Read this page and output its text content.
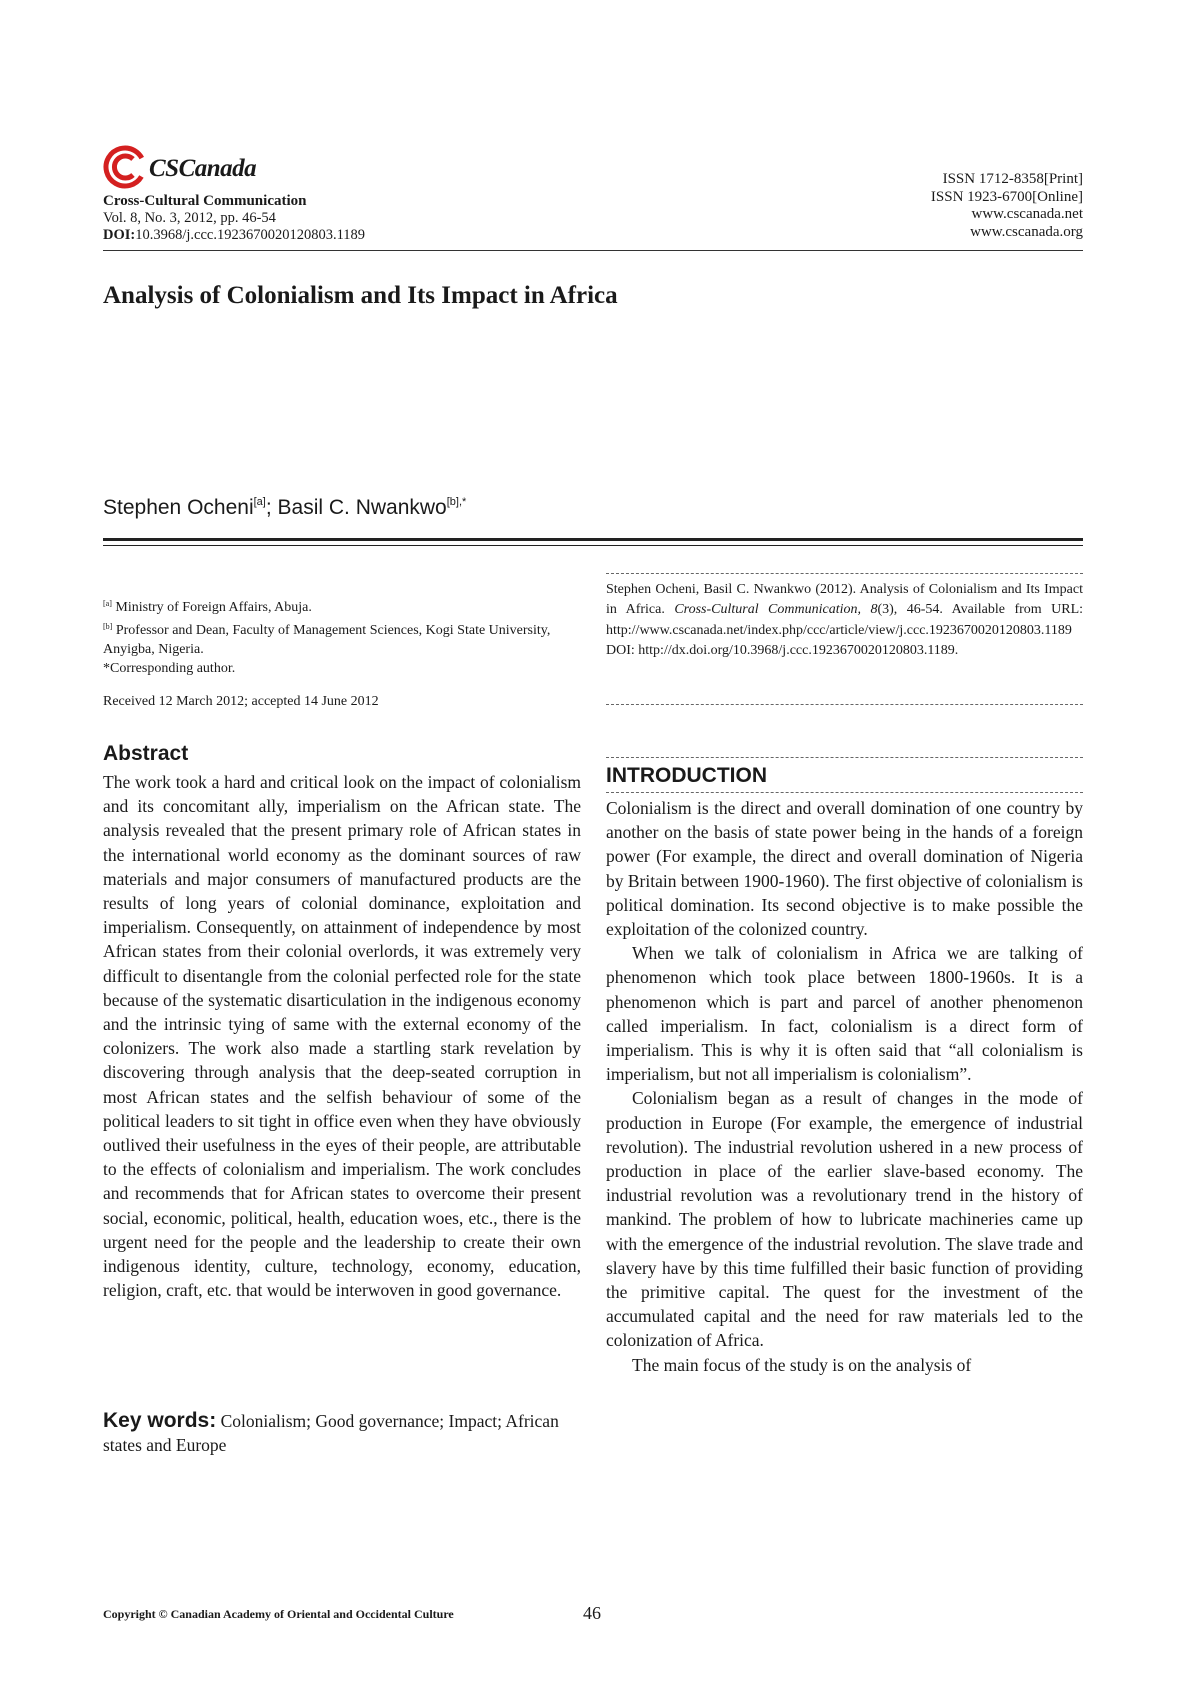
CSCanada
Cross-Cultural Communication
Vol. 8, No. 3, 2012, pp. 46-54
DOI:10.3968/j.ccc.1923670020120803.1189
ISSN 1712-8358[Print]
ISSN 1923-6700[Online]
www.cscanada.net
www.cscanada.org
Analysis of Colonialism and Its Impact in Africa
Stephen Ocheni[a]; Basil C. Nwankwo$^{[b],*}$

[a] Ministry of Foreign Affairs, Abuja.

[b] Professor and Dean, Faculty of Management Sciences, Kogi State University, Anyigba, Nigeria.

*Corresponding author.

Received 12 March 2012; accepted 14 June 2012
Stephen Ocheni, Basil C. Nwankwo (2012). Analysis of Colonialism and Its Impact in Africa. Cross-Cultural Communication, 8(3), 46-54. Available from URL: http://www.cscanada.net/index.php/ccc/article/view/j.ccc.1923670020120803.1189
DOI: http://dx.doi.org/10.3968/j.ccc.1923670020120803.1189.
Abstract
The work took a hard and critical look on the impact of colonialism and its concomitant ally, imperialism on the African state. The analysis revealed that the present primary role of African states in the international world economy as the dominant sources of raw materials and major consumers of manufactured products are the results of long years of colonial dominance, exploitation and imperialism. Consequently, on attainment of independence by most African states from their colonial overlords, it was extremely very difficult to disentangle from the colonial perfected role for the state because of the systematic disarticulation in the indigenous economy and the intrinsic tying of same with the external economy of the colonizers. The work also made a startling stark revelation by discovering through analysis that the deep-seated corruption in most African states and the selfish behaviour of some of the political leaders to sit tight in office even when they have obviously outlived their usefulness in the eyes of their people, are attributable to the effects of colonialism and imperialism. The work concludes and recommends that for African states to overcome their present social, economic, political, health, education woes, etc., there is the urgent need for the people and the leadership to create their own indigenous identity, culture, technology, economy, education, religion, craft, etc. that would be interwoven in good governance.
Key words: Colonialism; Good governance; Impact; African states and Europe
INTRODUCTION

Colonialism is the direct and overall domination of one country by another on the basis of state power being in the hands of a foreign power (For example, the direct and overall domination of Nigeria by Britain between 1900-1960). The first objective of colonialism is political domination. Its second objective is to make possible the exploitation of the colonized country.

When we talk of colonialism in Africa we are talking of phenomenon which took place between 1800-1960s. It is a phenomenon which is part and parcel of another phenomenon called imperialism. In fact, colonialism is a direct form of imperialism. This is why it is often said that “all colonialism is imperialism, but not all imperialism is colonialism”.

Colonialism began as a result of changes in the mode of production in Europe (For example, the emergence of industrial revolution). The industrial revolution ushered in a new process of production in place of the earlier slave-based economy. The industrial revolution was a revolutionary trend in the history of mankind. The problem of how to lubricate machineries came up with the emergence of the industrial revolution. The slave trade and slavery have by this time fulfilled their basic function of providing the primitive capital. The quest for the investment of the accumulated capital and the need for raw materials led to the colonization of Africa.

The main focus of the study is on the analysis of

Copyright © Canadian Academy of Oriental and Occidental Culture	46
